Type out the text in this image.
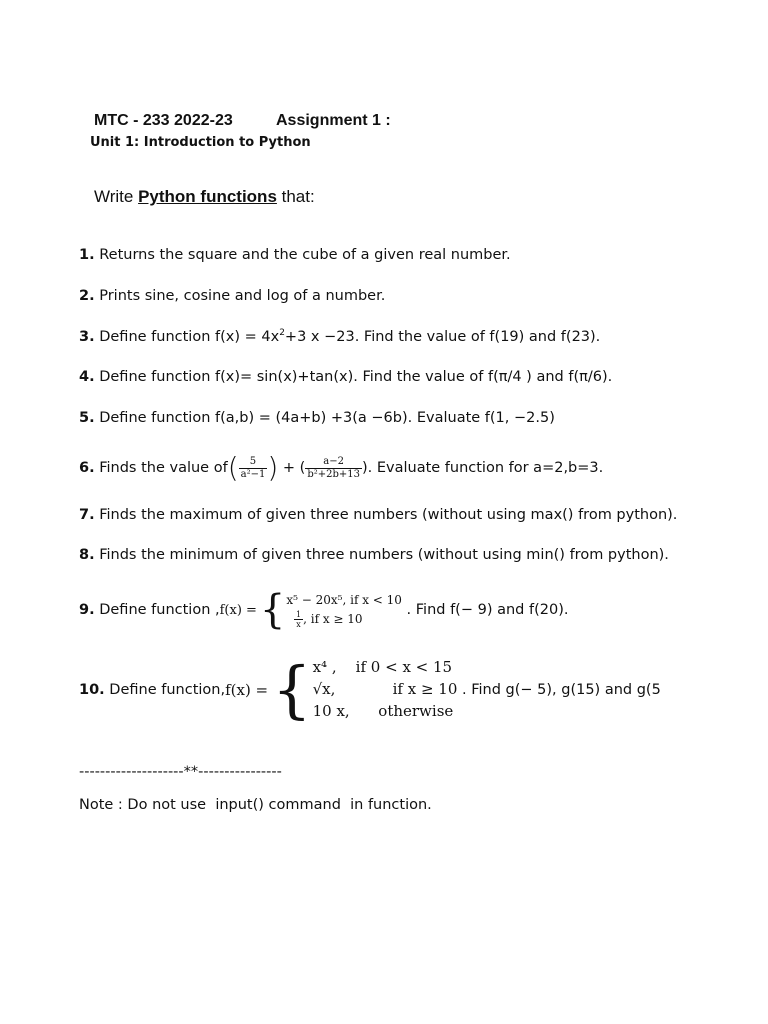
MTC - 233 2022-23	Assignment 1 :
Unit 1: Introduction to Python
Write Python functions that:
1. Returns the square and the cube of a given real number.
2. Prints sine, cosine and log of a number.
3. Define function $f(x) = 4x^2+3$ x −23. Find the value of f(19) and f(23).
4. Define function f(x)= sin(x)+tan(x). Find the value of f(π/4 ) and f(π/6).
5. Define function f(a,b) = (4a+b) +3(a −6b). Evaluate f(1, −2.5)
6.
Finds the value of ( $\frac{5}{\text{a²−1}}$ )
+ ( $\frac{a-2}{\text{b²+2b+13}}$ ). Evaluate function for a=2,b=3.
7. Finds the maximum of given three numbers (without using max() from python).
8. Finds the minimum of given three numbers (without using min() from python).
9.
Define function , f(x) = { x⁵ − 20x⁵, if x < 10

$\frac{1}{x}$ , if x ≥ 10

. Find f(− 9) and f(20).
10.
Define function, f(x) = { x⁴ ,    if 0 < x < 15
√x,            if x ≥ 10
10 x,      otherwise

. Find g(− 5), g(15) and g(5
--------------------**----------------
Note : Do not use  input() command  in function.
